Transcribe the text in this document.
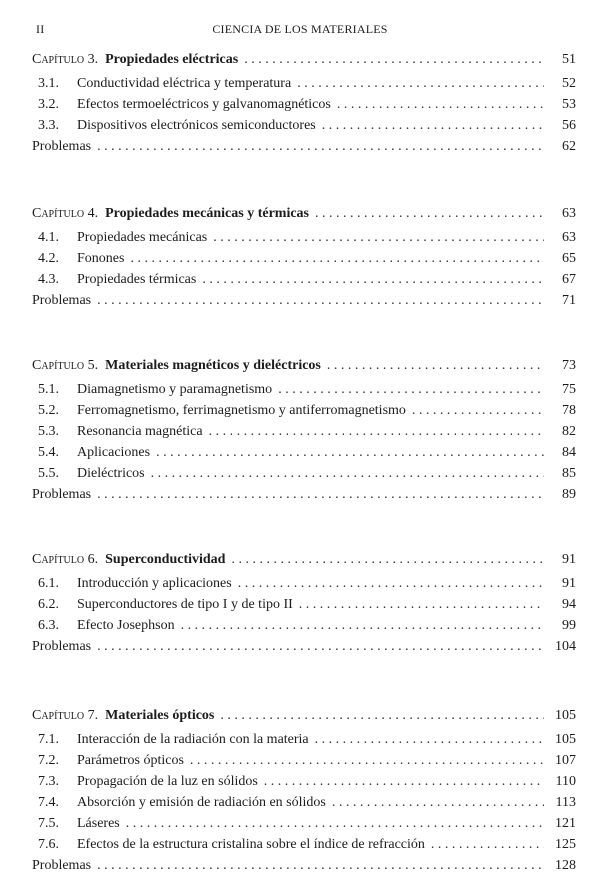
II	CIENCIA DE LOS MATERIALES
Capítulo 3. Propiedades eléctricas . . .	51
3.1.	Conductividad eléctrica y temperatura . . .	52
3.2.	Efectos termoeléctricos y galvanomagnéticos . . .	53
3.3.	Dispositivos electrónicos semiconductores . . .	56
Problemas . . .	62
Capítulo 4. Propiedades mecánicas y térmicas . . .	63
4.1.	Propiedades mecánicas . . .	63
4.2.	Fonones . . .	65
4.3.	Propiedades térmicas . . .	67
Problemas . . .	71
Capítulo 5. Materiales magnéticos y dieléctricos . . .	73
5.1.	Diamagnetismo y paramagnetismo . . .	75
5.2.	Ferromagnetismo, ferrimagnetismo y antiferromagnetismo . . .	78
5.3.	Resonancia magnética . . .	82
5.4.	Aplicaciones . . .	84
5.5.	Dieléctricos . . .	85
Problemas . . .	89
Capítulo 6. Superconductividad . . .	91
6.1.	Introducción y aplicaciones . . .	91
6.2.	Superconductores de tipo I y de tipo II . . .	94
6.3.	Efecto Josephson . . .	99
Problemas . . .	104
Capítulo 7. Materiales ópticos . . .	105
7.1.	Interacción de la radiación con la materia . . .	105
7.2.	Parámetros ópticos . . .	107
7.3.	Propagación de la luz en sólidos . . .	110
7.4.	Absorción y emisión de radiación en sólidos . . .	113
7.5.	Láseres . . .	121
7.6.	Efectos de la estructura cristalina sobre el índice de refracción . . .	125
Problemas . . .	128
